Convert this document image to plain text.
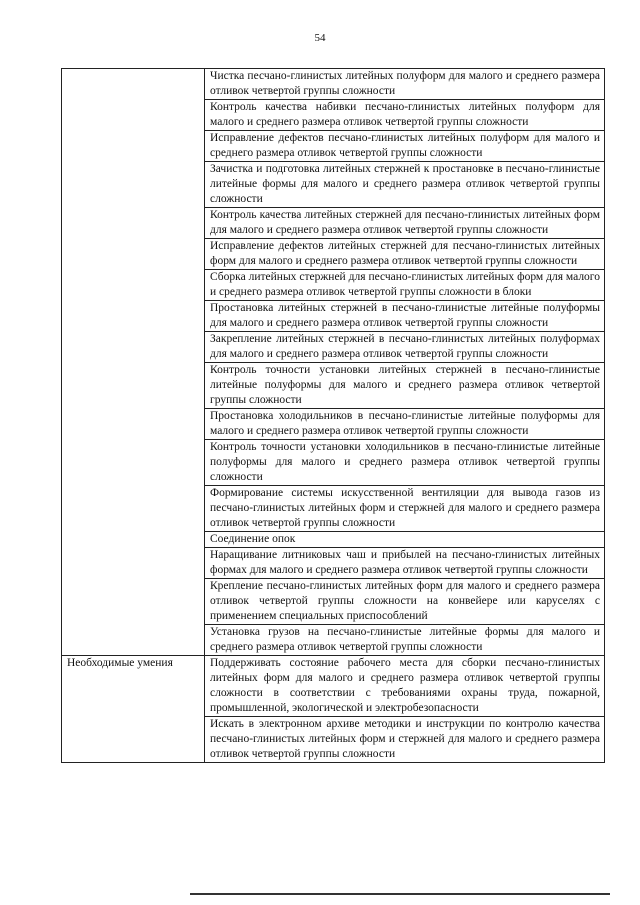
54
	Чистка песчано-глинистых литейных полуформ для малого и среднего размера отливок четвертой группы сложности
	Контроль качества набивки песчано-глинистых литейных полуформ для малого и среднего размера отливок четвертой группы сложности
	Исправление дефектов песчано-глинистых литейных полуформ для малого и среднего размера отливок четвертой группы сложности
	Зачистка и подготовка литейных стержней к простановке в песчано-глинистые литейные формы для малого и среднего размера отливок четвертой группы сложности
	Контроль качества литейных стержней для песчано-глинистых литейных форм для малого и среднего размера отливок четвертой группы сложности
	Исправление дефектов литейных стержней для песчано-глинистых литейных форм для малого и среднего размера отливок четвертой группы сложности
	Сборка литейных стержней для песчано-глинистых литейных форм для малого и среднего размера отливок четвертой группы сложности в блоки
	Простановка литейных стержней в песчано-глинистые литейные полуформы для малого и среднего размера отливок четвертой группы сложности
	Закрепление литейных стержней в песчано-глинистых литейных полуформах для малого и среднего размера отливок четвертой группы сложности
	Контроль точности установки литейных стержней в песчано-глинистые литейные полуформы для малого и среднего размера отливок четвертой группы сложности
	Простановка холодильников в песчано-глинистые литейные полуформы для малого и среднего размера отливок четвертой группы сложности
	Контроль точности установки холодильников в песчано-глинистые литейные полуформы для малого и среднего размера отливок четвертой группы сложности
	Формирование системы искусственной вентиляции для вывода газов из песчано-глинистых литейных форм и стержней для малого и среднего размера отливок четвертой группы сложности
	Соединение опок
	Наращивание литниковых чаш и прибылей на песчано-глинистых литейных формах для малого и среднего размера отливок четвертой группы сложности
	Крепление песчано-глинистых литейных форм для малого и среднего размера отливок четвертой группы сложности на конвейере или каруселях с применением специальных приспособлений
	Установка грузов на песчано-глинистые литейные формы для малого и среднего размера отливок четвертой группы сложности

Необходимые умения	Поддерживать состояние рабочего места для сборки песчано-глинистых литейных форм для малого и среднего размера отливок четвертой группы сложности в соответствии с требованиями охраны труда, пожарной, промышленной, экологической и электробезопасности
	Искать в электронном архиве методики и инструкции по контролю качества песчано-глинистых литейных форм и стержней для малого и среднего размера отливок четвертой группы сложности
